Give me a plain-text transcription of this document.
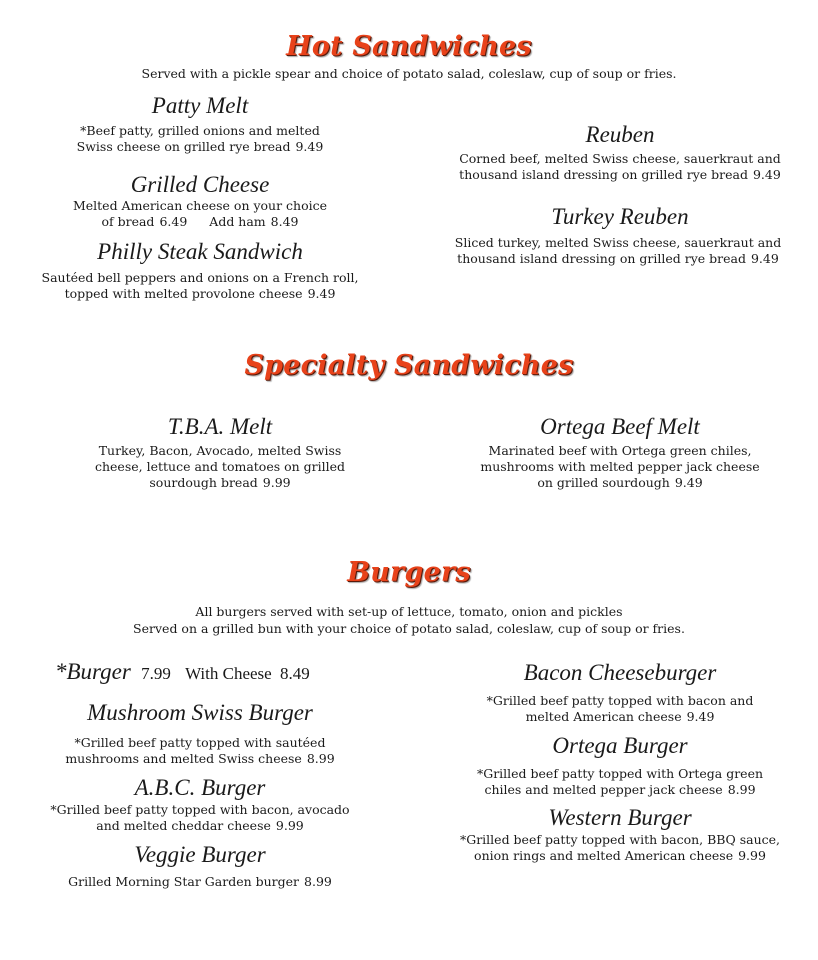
Hot Sandwiches
Served with a pickle spear and choice of potato salad, coleslaw, cup of soup or fries.
Patty Melt
*Beef patty, grilled onions and melted
Swiss cheese on grilled rye bread 9.49
Grilled Cheese
Melted American cheese on your choice
of bread 6.49 Add ham 8.49
Philly Steak Sandwich
Sautéed bell peppers and onions on a French roll,
topped with melted provolone cheese 9.49
Reuben
Corned beef, melted Swiss cheese, sauerkraut and
thousand island dressing on grilled rye bread 9.49
Turkey Reuben
Sliced turkey, melted Swiss cheese, sauerkraut and
thousand island dressing on grilled rye bread 9.49
Specialty Sandwiches
T.B.A. Melt
Turkey, Bacon, Avocado, melted Swiss
cheese, lettuce and tomatoes on grilled
sourdough bread 9.99
Ortega Beef Melt
Marinated beef with Ortega green chiles,
mushrooms with melted pepper jack cheese
on grilled sourdough 9.49
Burgers
All burgers served with set-up of lettuce, tomato, onion and pickles
Served on a grilled bun with your choice of potato salad, coleslaw, cup of soup or fries.
*Burger 7.99 With Cheese 8.49
Mushroom Swiss Burger
*Grilled beef patty topped with sautéed
mushrooms and melted Swiss cheese 8.99
A.B.C. Burger
*Grilled beef patty topped with bacon, avocado
and melted cheddar cheese 9.99
Veggie Burger
Grilled Morning Star Garden burger 8.99
Bacon Cheeseburger
*Grilled beef patty topped with bacon and
melted American cheese 9.49
Ortega Burger
*Grilled beef patty topped with Ortega green
chiles and melted pepper jack cheese 8.99
Western Burger
*Grilled beef patty topped with bacon, BBQ sauce,
onion rings and melted American cheese 9.99
